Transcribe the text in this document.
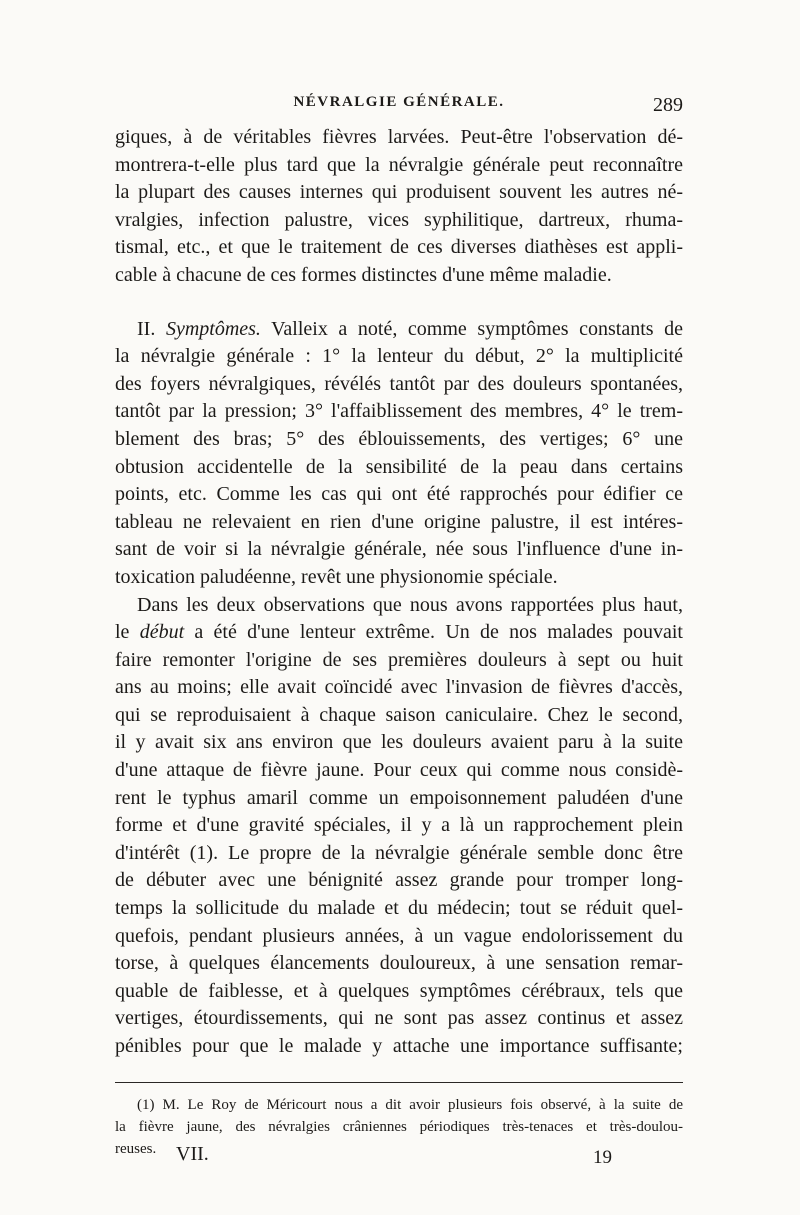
NÉVRALGIE GÉNÉRALE.	289
giques, à de véritables fièvres larvées. Peut-être l'observation dé-
montrera-t-elle plus tard que la névralgie générale peut reconnaître
la plupart des causes internes qui produisent souvent les autres né-
vralgies, infection palustre, vices syphilitique, dartreux, rhuma-
tismal, etc., et que le traitement de ces diverses diathèses est appli-
cable à chacune de ces formes distinctes d'une même maladie.
II. Symptômes. Valleix a noté, comme symptômes constants de
la névralgie générale : 1° la lenteur du début, 2° la multiplicité
des foyers névralgiques, révélés tantôt par des douleurs spontanées,
tantôt par la pression; 3° l'affaiblissement des membres, 4° le trem-
blement des bras; 5° des éblouissements, des vertiges; 6° une
obtusion accidentelle de la sensibilité de la peau dans certains
points, etc. Comme les cas qui ont été rapprochés pour édifier ce
tableau ne relevaient en rien d'une origine palustre, il est intéres-
sant de voir si la névralgie générale, née sous l'influence d'une in-
toxication paludéenne, revêt une physionomie spéciale.
Dans les deux observations que nous avons rapportées plus haut,
le début a été d'une lenteur extrême. Un de nos malades pouvait
faire remonter l'origine de ses premières douleurs à sept ou huit
ans au moins; elle avait coïncidé avec l'invasion de fièvres d'accès,
qui se reproduisaient à chaque saison caniculaire. Chez le second,
il y avait six ans environ que les douleurs avaient paru à la suite
d'une attaque de fièvre jaune. Pour ceux qui comme nous considè-
rent le typhus amaril comme un empoisonnement paludéen d'une
forme et d'une gravité spéciales, il y a là un rapprochement plein
d'intérêt (1). Le propre de la névralgie générale semble donc être
de débuter avec une bénignité assez grande pour tromper long-
temps la sollicitude du malade et du médecin; tout se réduit quel-
quefois, pendant plusieurs années, à un vague endolorissement du
torse, à quelques élancements douloureux, à une sensation remar-
quable de faiblesse, et à quelques symptômes cérébraux, tels que
vertiges, étourdissements, qui ne sont pas assez continus et assez
pénibles pour que le malade y attache une importance suffisante;
(1) M. Le Roy de Méricourt nous a dit avoir plusieurs fois observé, à la suite de
la fièvre jaune, des névralgies crâniennes périodiques très-tenaces et très-doulou-
reuses. VII.	19
